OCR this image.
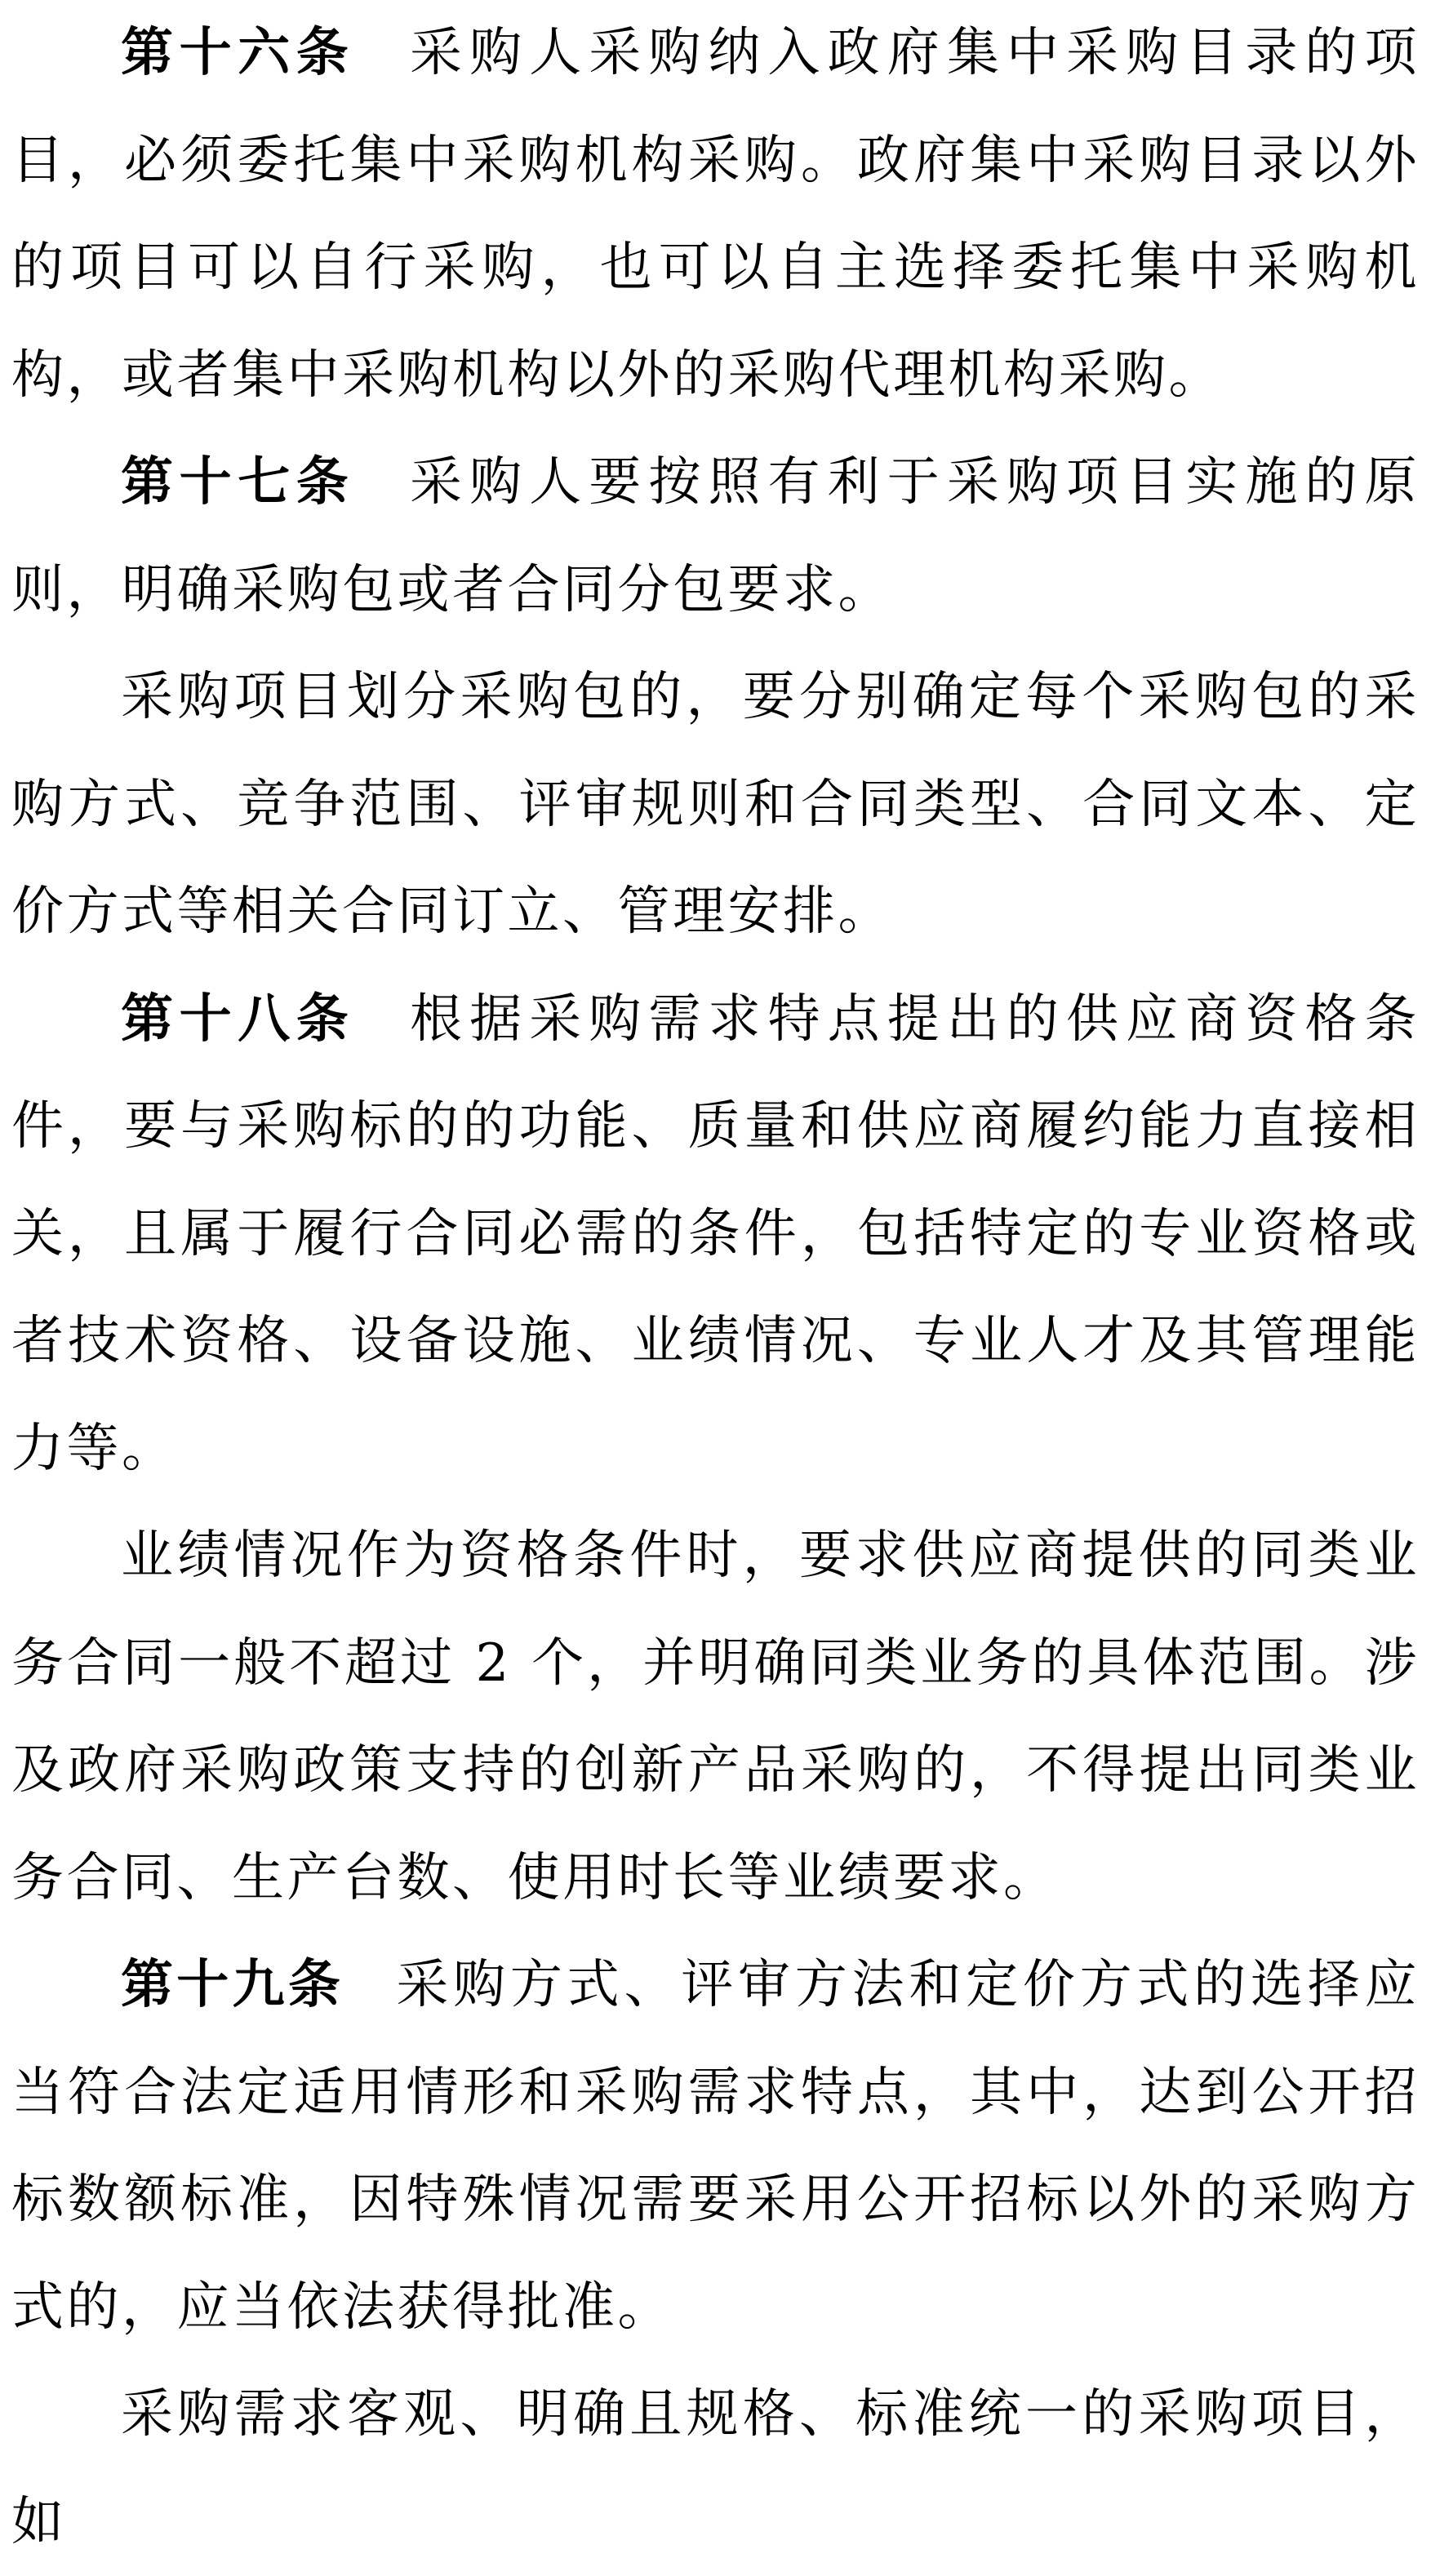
第十六条 采购人采购纳入政府集中采购目录的项目，必须委托集中采购机构采购。政府集中采购目录以外的项目可以自行采购，也可以自主选择委托集中采购机构，或者集中采购机构以外的采购代理机构采购。

第十七条 采购人要按照有利于采购项目实施的原则，明确采购包或者合同分包要求。

采购项目划分采购包的，要分别确定每个采购包的采购方式、竞争范围、评审规则和合同类型、合同文本、定价方式等相关合同订立、管理安排。

第十八条 根据采购需求特点提出的供应商资格条件，要与采购标的的功能、质量和供应商履约能力直接相关，且属于履行合同必需的条件，包括特定的专业资格或者技术资格、设备设施、业绩情况、专业人才及其管理能力等。

业绩情况作为资格条件时，要求供应商提供的同类业务合同一般不超过 2 个，并明确同类业务的具体范围。涉及政府采购政策支持的创新产品采购的，不得提出同类业务合同、生产台数、使用时长等业绩要求。

第十九条 采购方式、评审方法和定价方式的选择应当符合法定适用情形和采购需求特点，其中，达到公开招标数额标准，因特殊情况需要采用公开招标以外的采购方式的，应当依法获得批准。

采购需求客观、明确且规格、标准统一的采购项目，如
